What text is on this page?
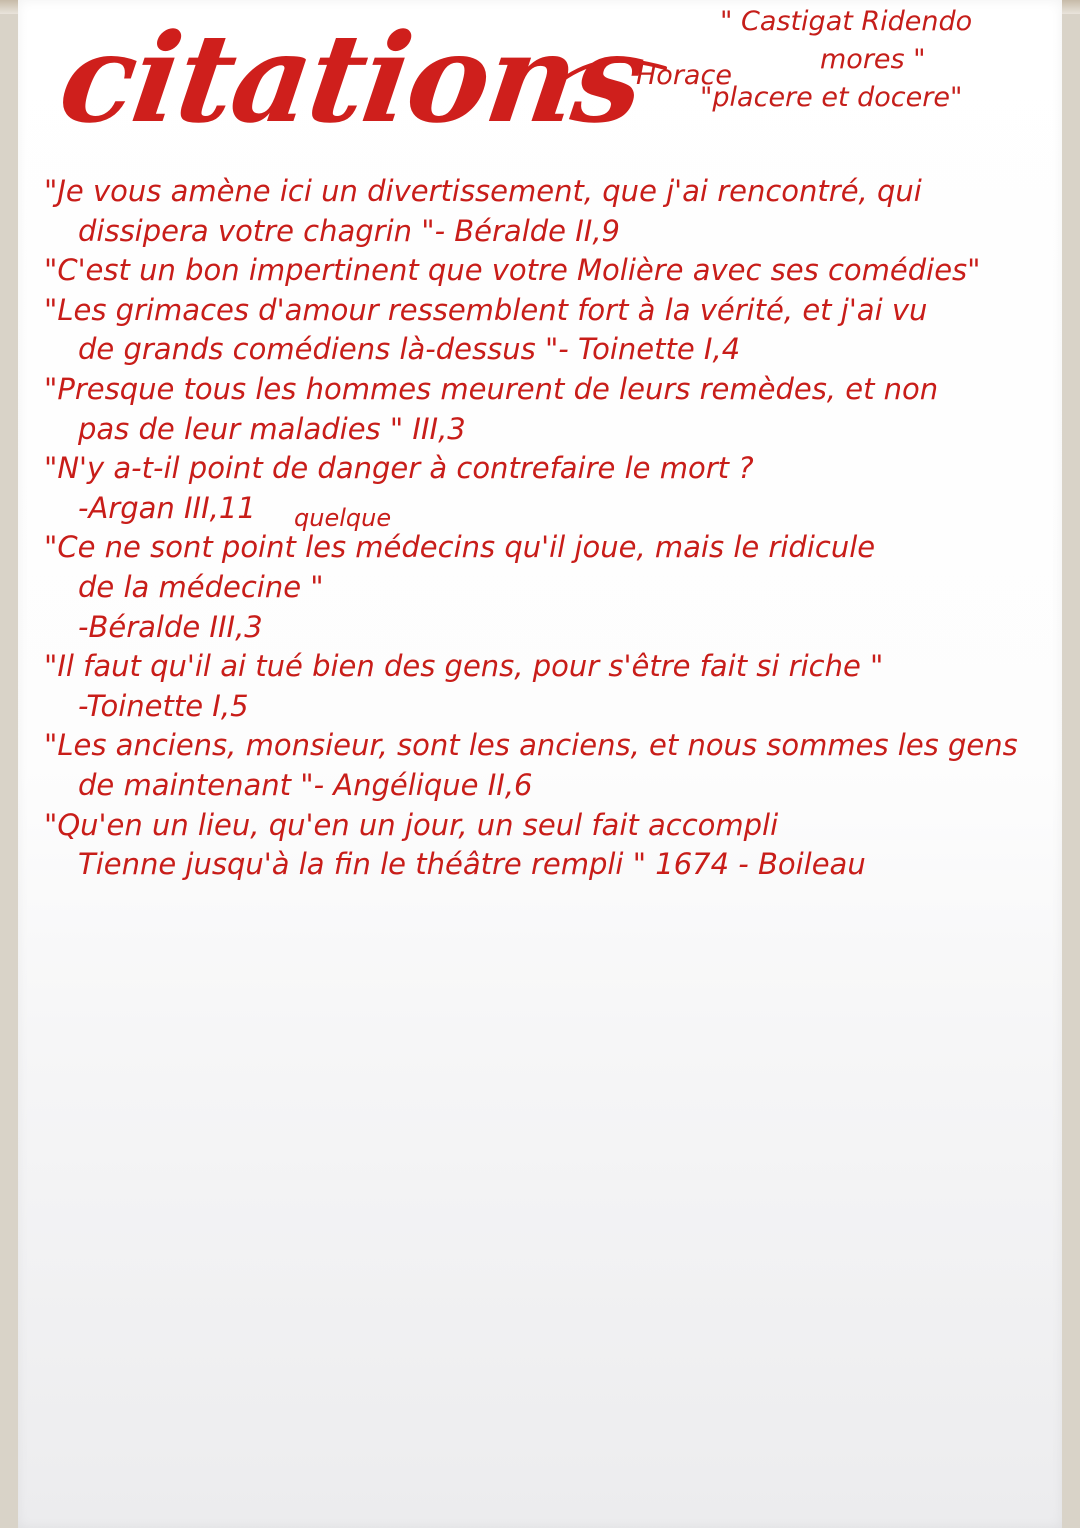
citations	" Castigat Ridendo
Horace
mores "
"placere et docere"
"Je vous amène ici un divertissement, que j'ai rencontré, qui
dissipera votre chagrin "- Béralde II,9
"C'est un bon impertinent que votre Molière avec ses comédies"
"Les grimaces d'amour ressemblent fort à la vérité, et j'ai vu
de grands comédiens là-dessus "- Toinette I,4
"Presque tous les hommes meurent de leurs remèdes, et non
pas de leur maladies " III,3
"N'y a-t-il point de danger à contrefaire le mort ?
-Argan III,11
"Ce ne sont point les médecins qu'il joue, mais le ridicule
de la médecine "
-Béralde III,3
"Il faut qu'il ai tué bien des gens, pour s'être fait si riche "
-Toinette I,5
"Les anciens, monsieur, sont les anciens, et nous sommes les gens
de maintenant "- Angélique II,6
"Qu'en un lieu, qu'en un jour, un seul fait accompli
Tienne jusqu'à la fin le théâtre rempli " 1674 - Boileau
quelque
